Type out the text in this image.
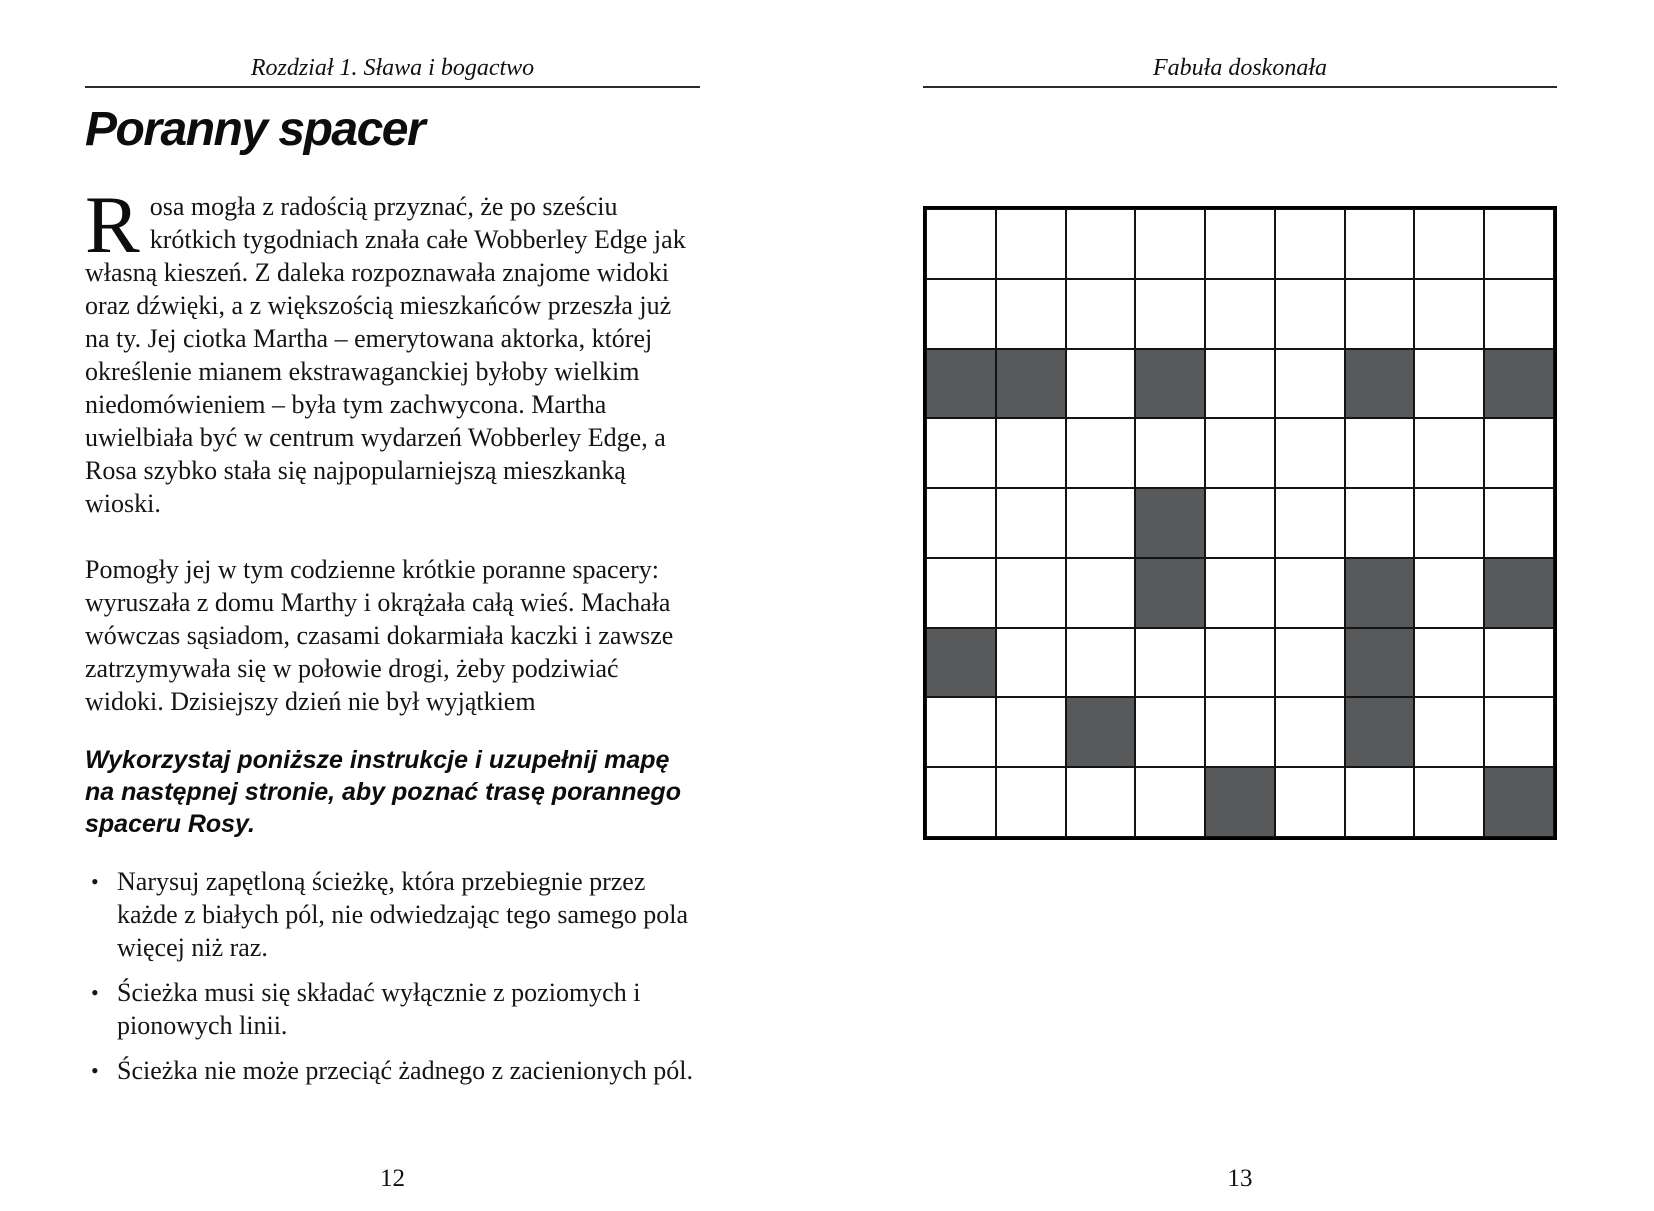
Rozdział 1. Sława i bogactwo
Poranny spacer

Rosa mogła z radością przyznać, że po sześciu krótkich tygodniach znała całe Wobberley Edge jak własną kieszeń. Z daleka rozpoznawała znajome widoki oraz dźwięki, a z większością mieszkańców przeszła już na ty. Jej ciotka Martha – emerytowana aktorka, której określenie mianem ekstrawaganckiej byłoby wielkim niedomówieniem – była tym zachwycona. Martha uwielbiała być w centrum wydarzeń Wobberley Edge, a Rosa szybko stała się najpopularniejszą mieszkanką wioski.

Pomogły jej w tym codzienne krótkie poranne spacery: wyruszała z domu Marthy i okrążała całą wieś. Machała wówczas sąsiadom, czasami dokarmiała kaczki i zawsze zatrzymywała się w połowie drogi, żeby podziwiać widoki. Dzisiejszy dzień nie był wyjątkiem

Wykorzystaj poniższe instrukcje i uzupełnij mapę na następnej stronie, aby poznać trasę porannego spaceru Rosy.

• Narysuj zapętloną ścieżkę, która przebiegnie przez każde z białych pól, nie odwiedzając tego samego pola więcej niż raz.
• Ścieżka musi się składać wyłącznie z poziomych i pionowych linii.
• Ścieżka nie może przeciąć żadnego z zacienionych pól.
12
Fabuła doskonała
13
